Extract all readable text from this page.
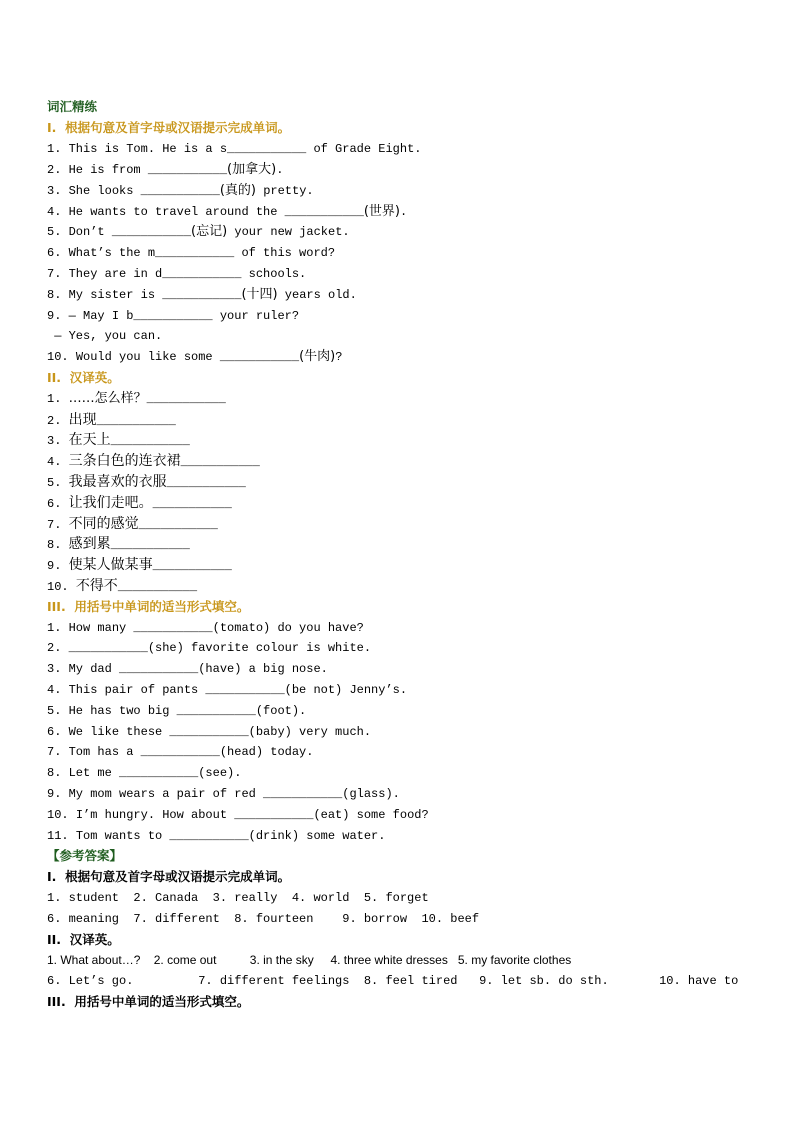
词汇精练
I.  根据句意及首字母或汉语提示完成单词。
1. This is Tom. He is a s___________ of Grade Eight.
2. He is from ___________(加拿大).
3. She looks ___________(真的) pretty.
4. He wants to travel around the ___________(世界).
5. Don’t ___________(忘记) your new jacket.
6. What’s the m___________ of this word?
7. They are in d___________ schools.
8. My sister is ___________(十四) years old.
9. — May I b___________ your ruler?
— Yes, you can.
10. Would you like some ___________(牛肉)?
II.  汉译英。
1. ……怎么样？___________
2. 出现___________
3. 在天上___________
4. 三条白色的连衣裙___________
5. 我最喜欢的衣服___________
6. 让我们走吧。___________
7. 不同的感觉___________
8. 感到累___________
9. 使某人做某事___________
10. 不得不___________
III.  用括号中单词的适当形式填空。
1. How many ___________(tomato) do you have?
2. ___________(she) favorite colour is white.
3. My dad ___________(have) a big nose.
4. This pair of pants ___________(be not) Jenny’s.
5. He has two big ___________(foot).
6. We like these ___________(baby) very much.
7. Tom has a ___________(head) today.
8. Let me ___________(see).
9. My mom wears a pair of red ___________(glass).
10. I’m hungry. How about ___________(eat) some food?
11. Tom wants to ___________(drink) some water.
【参考答案】
I.  根据句意及首字母或汉语提示完成单词。
1. student  2. Canada  3. really  4. world  5. forget
6. meaning  7. different  8. fourteen    9. borrow  10. beef
II.  汉译英。
1. What about…?    2. come out          3. in the sky     4. three white dresses   5. my favorite clothes
6. Let’s go.         7. different feelings  8. feel tired   9. let sb. do sth.       10. have to
III.  用括号中单词的适当形式填空。
